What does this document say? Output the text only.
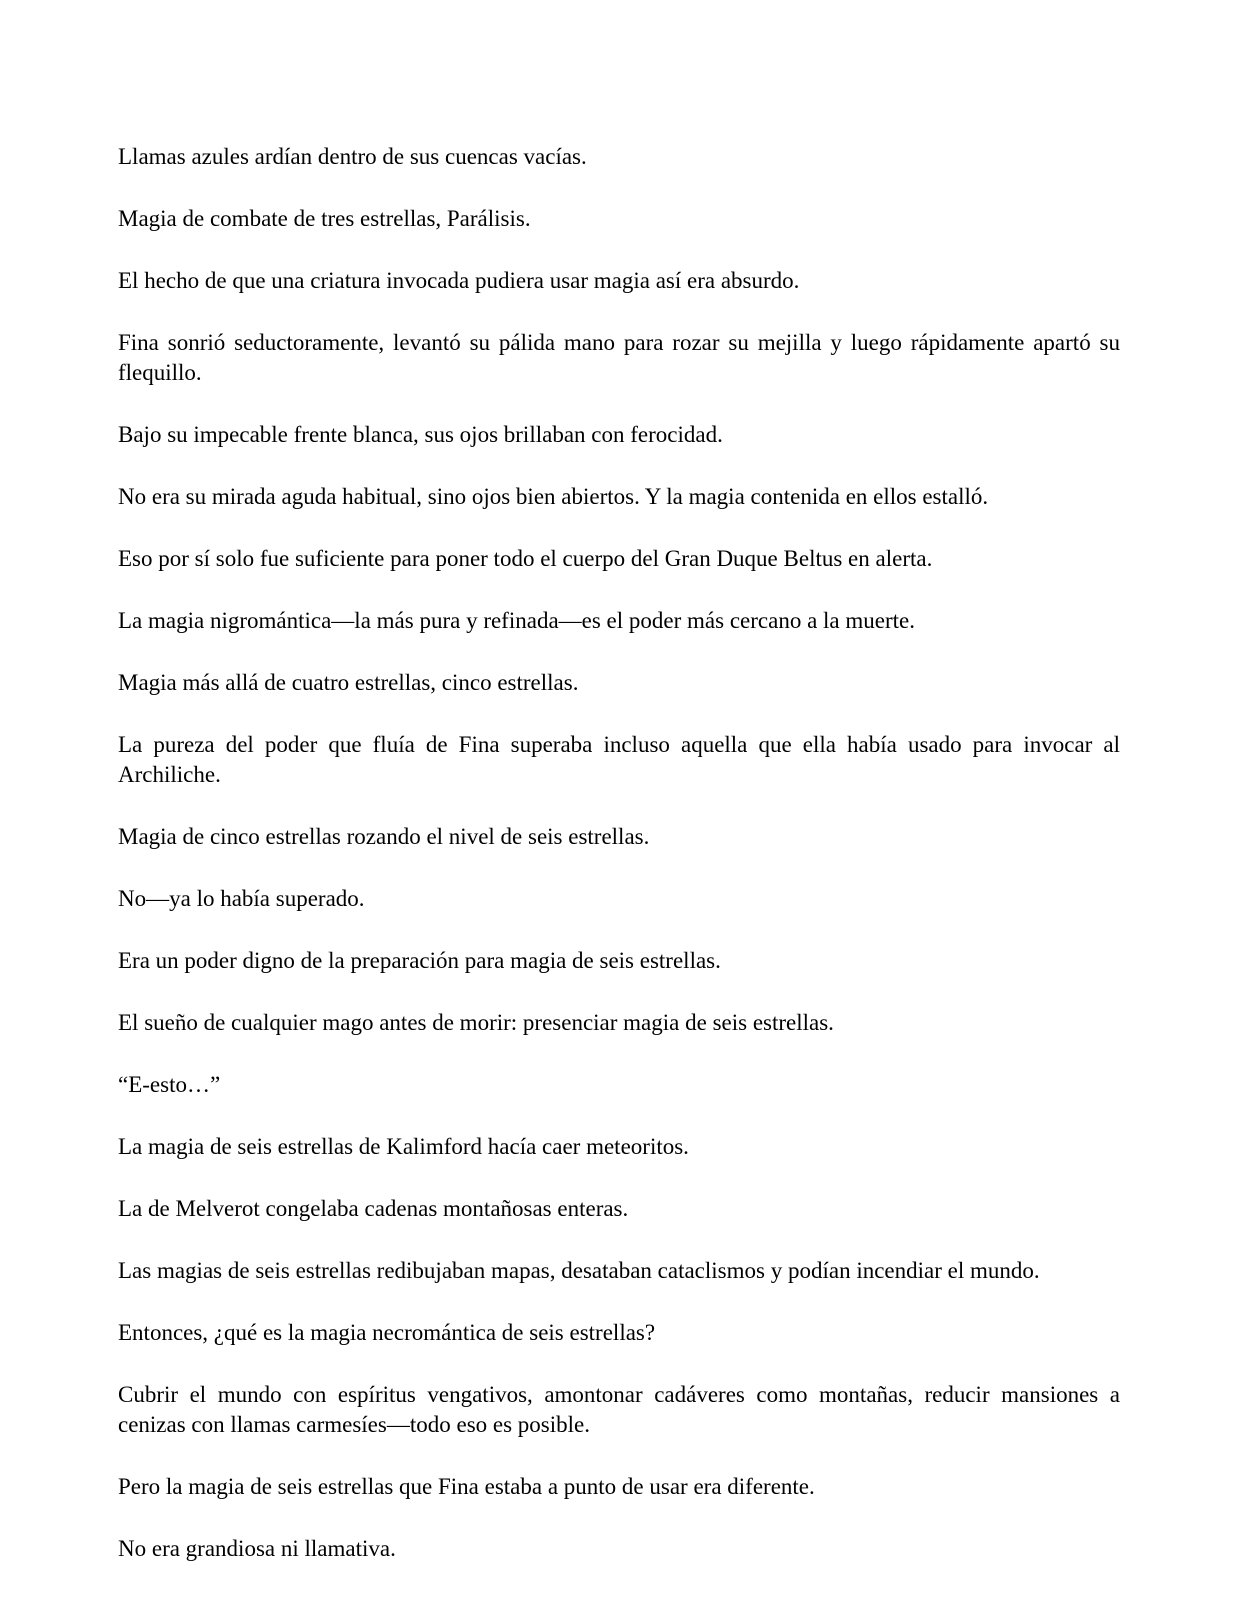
Llamas azules ardían dentro de sus cuencas vacías.

Magia de combate de tres estrellas, Parálisis.

El hecho de que una criatura invocada pudiera usar magia así era absurdo.

Fina sonrió seductoramente, levantó su pálida mano para rozar su mejilla y luego rápidamente apartó su flequillo.

Bajo su impecable frente blanca, sus ojos brillaban con ferocidad.

No era su mirada aguda habitual, sino ojos bien abiertos. Y la magia contenida en ellos estalló.

Eso por sí solo fue suficiente para poner todo el cuerpo del Gran Duque Beltus en alerta.

La magia nigromántica—la más pura y refinada—es el poder más cercano a la muerte.

Magia más allá de cuatro estrellas, cinco estrellas.

La pureza del poder que fluía de Fina superaba incluso aquella que ella había usado para invocar al Archiliche.

Magia de cinco estrellas rozando el nivel de seis estrellas.

No—ya lo había superado.

Era un poder digno de la preparación para magia de seis estrellas.

El sueño de cualquier mago antes de morir: presenciar magia de seis estrellas.

“E-esto…”

La magia de seis estrellas de Kalimford hacía caer meteoritos.

La de Melverot congelaba cadenas montañosas enteras.

Las magias de seis estrellas redibujaban mapas, desataban cataclismos y podían incendiar el mundo.

Entonces, ¿qué es la magia necromántica de seis estrellas?

Cubrir el mundo con espíritus vengativos, amontonar cadáveres como montañas, reducir mansiones a cenizas con llamas carmesíes—todo eso es posible.

Pero la magia de seis estrellas que Fina estaba a punto de usar era diferente.

No era grandiosa ni llamativa.
